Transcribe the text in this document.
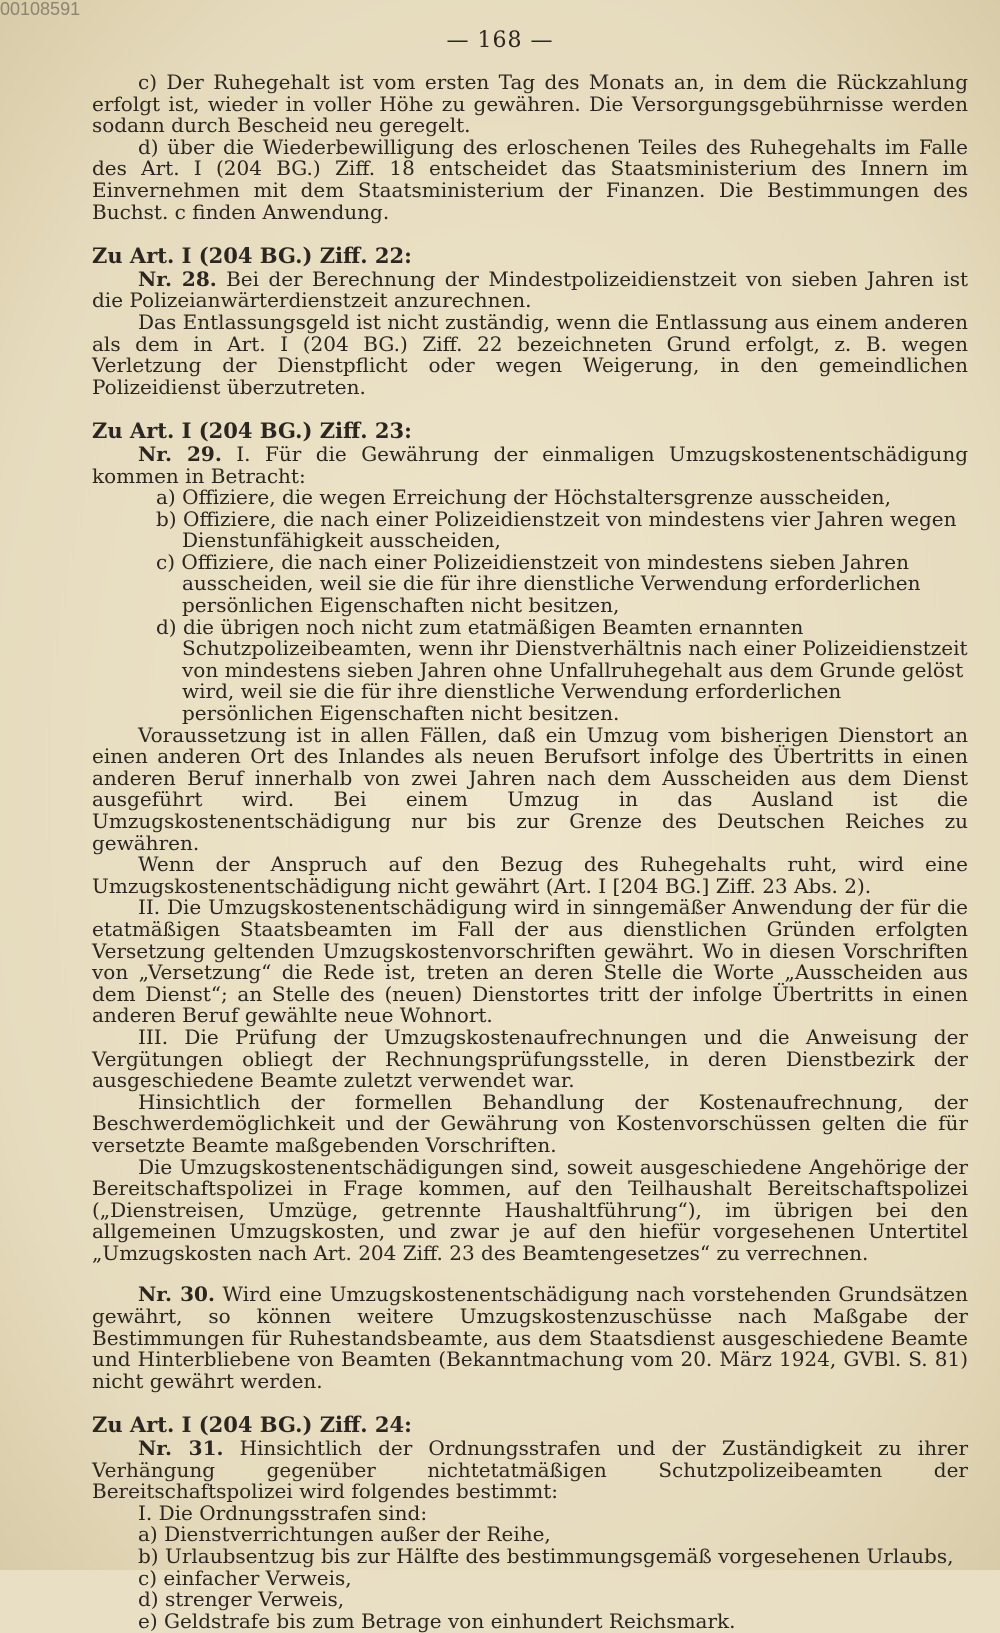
00108591
— 168 —

c) Der Ruhegehalt ist vom ersten Tag des Monats an, in dem die Rückzahlung erfolgt ist, wieder in voller Höhe zu gewähren. Die Versorgungsgebührnisse werden sodann durch Bescheid neu geregelt.

d) über die Wiederbewilligung des erloschenen Teiles des Ruhegehalts im Falle des Art. I (204 BG.) Ziff. 18 entscheidet das Staatsministerium des Innern im Einvernehmen mit dem Staatsministerium der Finanzen. Die Bestimmungen des Buchst. c finden Anwendung.

Zu Art. I (204 BG.) Ziff. 22:

Nr. 28. Bei der Berechnung der Mindestpolizeidienstzeit von sieben Jahren ist die Polizeianwärterdienstzeit anzurechnen.

Das Entlassungsgeld ist nicht zuständig, wenn die Entlassung aus einem anderen als dem in Art. I (204 BG.) Ziff. 22 bezeichneten Grund erfolgt, z. B. wegen Verletzung der Dienstpflicht oder wegen Weigerung, in den gemeindlichen Polizeidienst überzutreten.

Zu Art. I (204 BG.) Ziff. 23:

Nr. 29. I. Für die Gewährung der einmaligen Umzugskostenentschädigung kommen in Betracht:

a) Offiziere, die wegen Erreichung der Höchstaltersgrenze ausscheiden,
b) Offiziere, die nach einer Polizeidienstzeit von mindestens vier Jahren wegen Dienstunfähigkeit ausscheiden,
c) Offiziere, die nach einer Polizeidienstzeit von mindestens sieben Jahren ausscheiden, weil sie die für ihre dienstliche Verwendung erforderlichen persönlichen Eigenschaften nicht besitzen,
d) die übrigen noch nicht zum etatmäßigen Beamten ernannten Schutzpolizeibeamten, wenn ihr Dienstverhältnis nach einer Polizeidienstzeit von mindestens sieben Jahren ohne Unfallruhegehalt aus dem Grunde gelöst wird, weil sie die für ihre dienstliche Verwendung erforderlichen persönlichen Eigenschaften nicht besitzen.

Voraussetzung ist in allen Fällen, daß ein Umzug vom bisherigen Dienstort an einen anderen Ort des Inlandes als neuen Berufsort infolge des Übertritts in einen anderen Beruf innerhalb von zwei Jahren nach dem Ausscheiden aus dem Dienst ausgeführt wird. Bei einem Umzug in das Ausland ist die Umzugskostenentschädigung nur bis zur Grenze des Deutschen Reiches zu gewähren.

Wenn der Anspruch auf den Bezug des Ruhegehalts ruht, wird eine Umzugskostenentschädigung nicht gewährt (Art. I [204 BG.] Ziff. 23 Abs. 2).

II. Die Umzugskostenentschädigung wird in sinngemäßer Anwendung der für die etatmäßigen Staatsbeamten im Fall der aus dienstlichen Gründen erfolgten Versetzung geltenden Umzugskostenvorschriften gewährt. Wo in diesen Vorschriften von „Versetzung“ die Rede ist, treten an deren Stelle die Worte „Ausscheiden aus dem Dienst“; an Stelle des (neuen) Dienstortes tritt der infolge Übertritts in einen anderen Beruf gewählte neue Wohnort.

III. Die Prüfung der Umzugskostenaufrechnungen und die Anweisung der Vergütungen obliegt der Rechnungsprüfungsstelle, in deren Dienstbezirk der ausgeschiedene Beamte zuletzt verwendet war.

Hinsichtlich der formellen Behandlung der Kostenaufrechnung, der Beschwerdemöglichkeit und der Gewährung von Kostenvorschüssen gelten die für versetzte Beamte maßgebenden Vorschriften.

Die Umzugskostenentschädigungen sind, soweit ausgeschiedene Angehörige der Bereitschaftspolizei in Frage kommen, auf den Teilhaushalt Bereitschaftspolizei („Dienstreisen, Umzüge, getrennte Haushaltführung“), im übrigen bei den allgemeinen Umzugskosten, und zwar je auf den hiefür vorgesehenen Untertitel „Umzugskosten nach Art. 204 Ziff. 23 des Beamtengesetzes“ zu verrechnen.

Nr. 30. Wird eine Umzugskostenentschädigung nach vorstehenden Grundsätzen gewährt, so können weitere Umzugskostenzuschüsse nach Maßgabe der Bestimmungen für Ruhestandsbeamte, aus dem Staatsdienst ausgeschiedene Beamte und Hinterbliebene von Beamten (Bekanntmachung vom 20. März 1924, GVBl. S. 81) nicht gewährt werden.

Zu Art. I (204 BG.) Ziff. 24:

Nr. 31. Hinsichtlich der Ordnungsstrafen und der Zuständigkeit zu ihrer Verhängung gegenüber nichtetatmäßigen Schutzpolizeibeamten der Bereitschaftspolizei wird folgendes bestimmt:

I. Die Ordnungsstrafen sind:

a) Dienstverrichtungen außer der Reihe,
b) Urlaubsentzug bis zur Hälfte des bestimmungsgemäß vorgesehenen Urlaubs,
c) einfacher Verweis,
d) strenger Verweis,
e) Geldstrafe bis zum Betrage von einhundert Reichsmark.
